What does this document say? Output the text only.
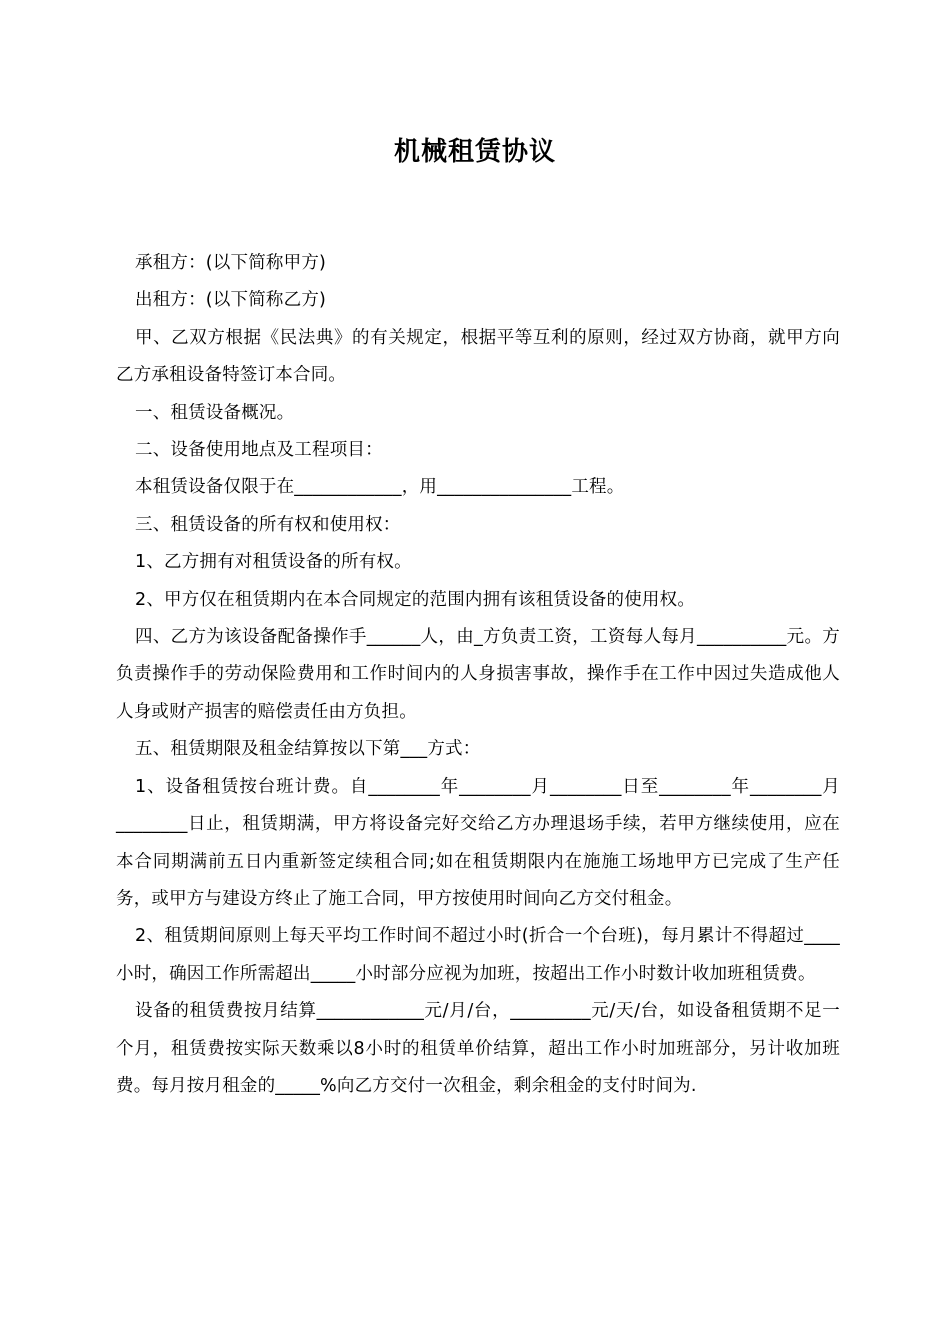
机械租赁协议

承租方：(以下简称甲方)

出租方：(以下简称乙方)

甲、乙双方根据《民法典》的有关规定，根据平等互利的原则，经过双方协商，就甲方向乙方承租设备特签订本合同。

一、租赁设备概况。

二、设备使用地点及工程项目：

本租赁设备仅限于在____________，用_______________工程。

三、租赁设备的所有权和使用权：

1、乙方拥有对租赁设备的所有权。

2、甲方仅在租赁期内在本合同规定的范围内拥有该租赁设备的使用权。

四、乙方为该设备配备操作手______人，由_方负责工资，工资每人每月__________元。方负责操作手的劳动保险费用和工作时间内的人身损害事故，操作手在工作中因过失造成他人人身或财产损害的赔偿责任由方负担。

五、租赁期限及租金结算按以下第___方式：

1、设备租赁按台班计费。自________年________月________日至________年________月________日止，租赁期满，甲方将设备完好交给乙方办理退场手续，若甲方继续使用，应在本合同期满前五日内重新签定续租合同;如在租赁期限内在施施工场地甲方已完成了生产任务，或甲方与建设方终止了施工合同，甲方按使用时间向乙方交付租金。

2、租赁期间原则上每天平均工作时间不超过小时(折合一个台班)，每月累计不得超过____小时，确因工作所需超出_____小时部分应视为加班，按超出工作小时数计收加班租赁费。

设备的租赁费按月结算____________元/月/台，_________元/天/台，如设备租赁期不足一个月，租赁费按实际天数乘以8小时的租赁单价结算，超出工作小时加班部分，另计收加班费。每月按月租金的_____%向乙方交付一次租金，剩余租金的支付时间为.
